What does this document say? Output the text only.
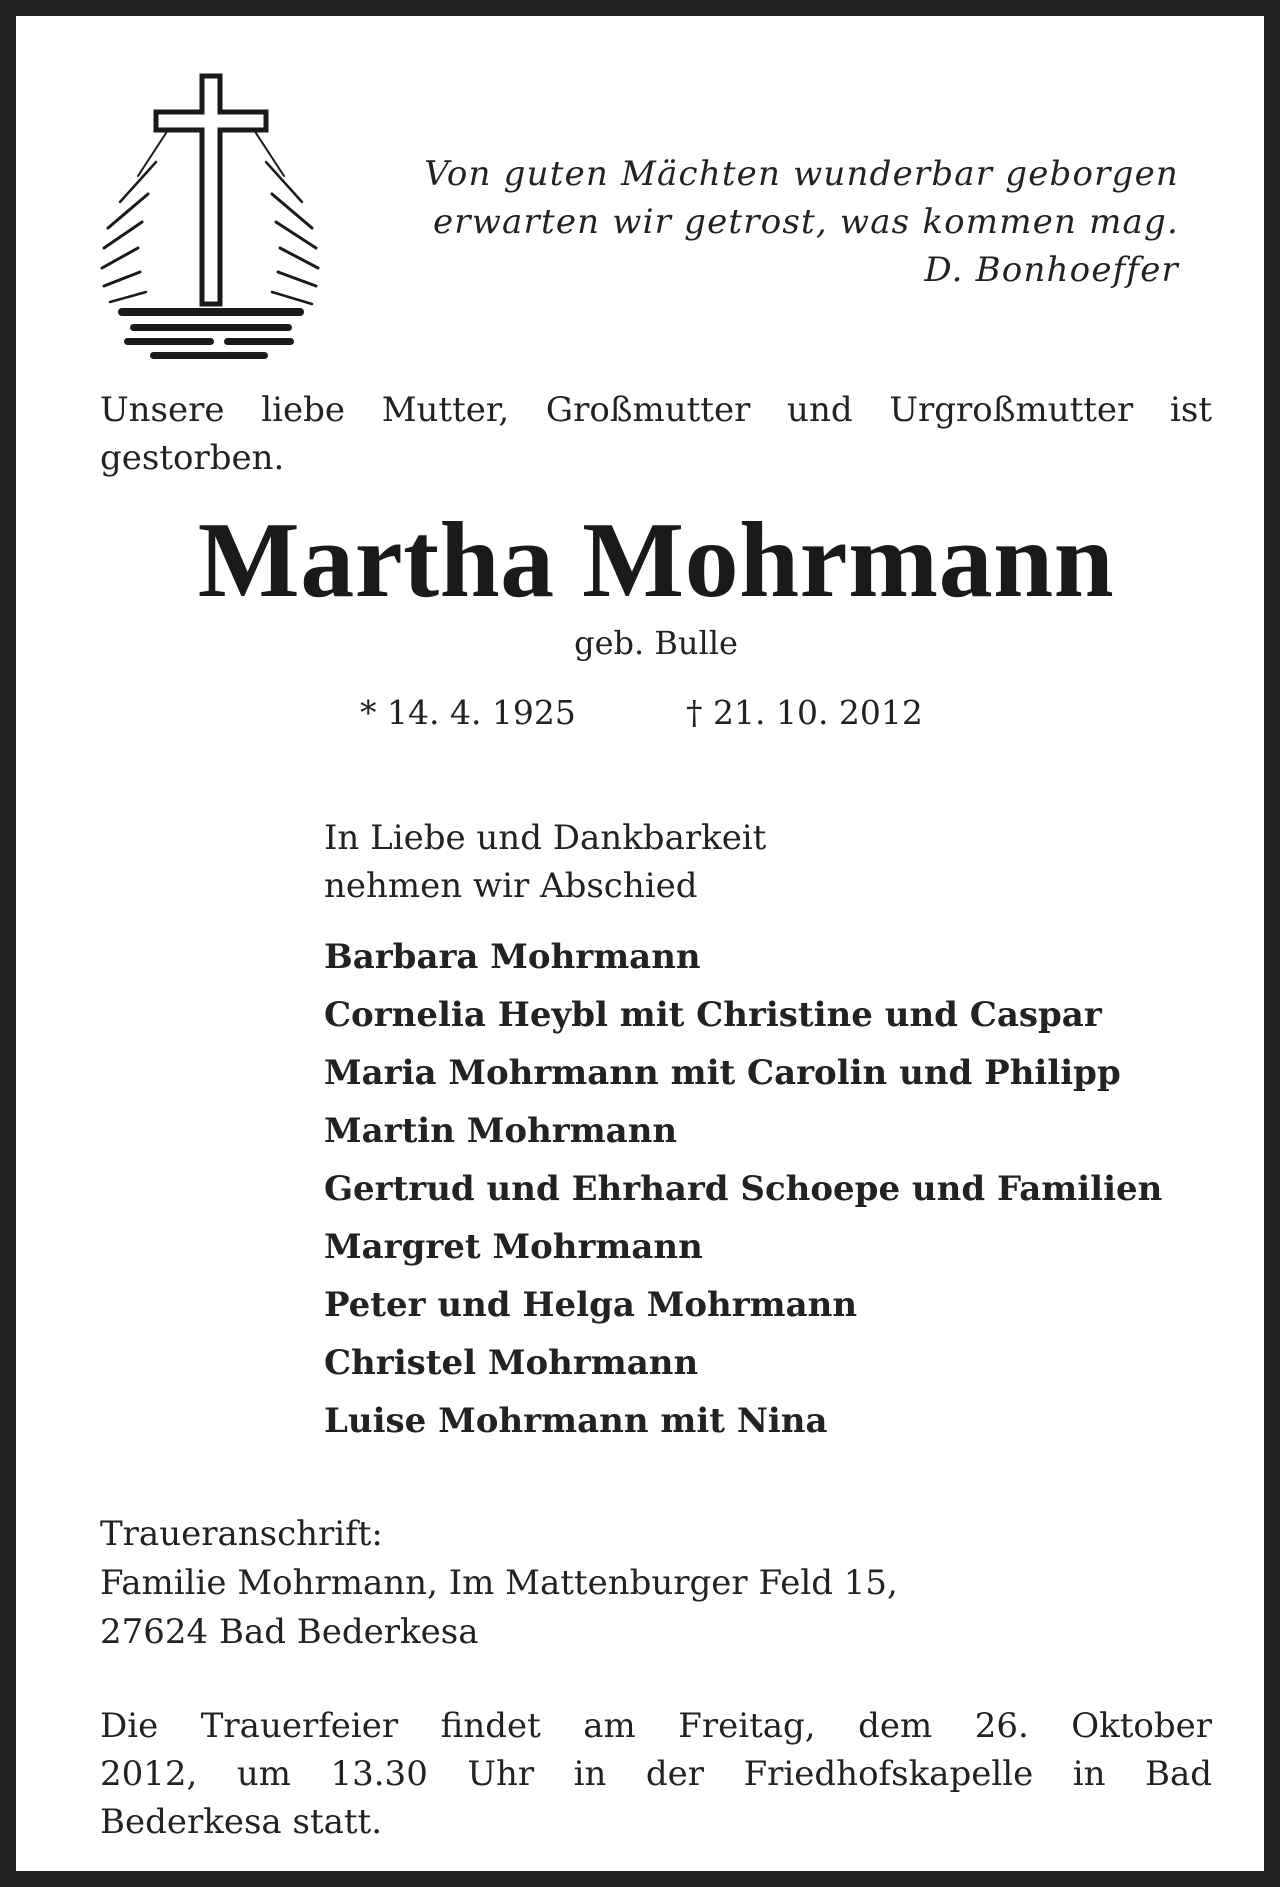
Von guten Mächten wunderbar geborgen
erwarten wir getrost, was kommen mag.
D. Bonhoeffer
Unsere liebe Mutter, Großmutter und Urgroßmutter ist gestorben.
Martha Mohrmann
geb. Bulle
* 14. 4. 1925	† 21. 10. 2012
In Liebe und Dankbarkeit
nehmen wir Abschied
Barbara Mohrmann
Cornelia Heybl mit Christine und Caspar
Maria Mohrmann mit Carolin und Philipp
Martin Mohrmann
Gertrud und Ehrhard Schoepe und Familien
Margret Mohrmann
Peter und Helga Mohrmann
Christel Mohrmann
Luise Mohrmann mit Nina
Traueranschrift:
Familie Mohrmann, Im Mattenburger Feld 15,
27624 Bad Bederkesa
Die Trauerfeier findet am Freitag, dem 26. Oktober
2012, um 13.30 Uhr in der Friedhofskapelle in Bad
Bederkesa statt.
